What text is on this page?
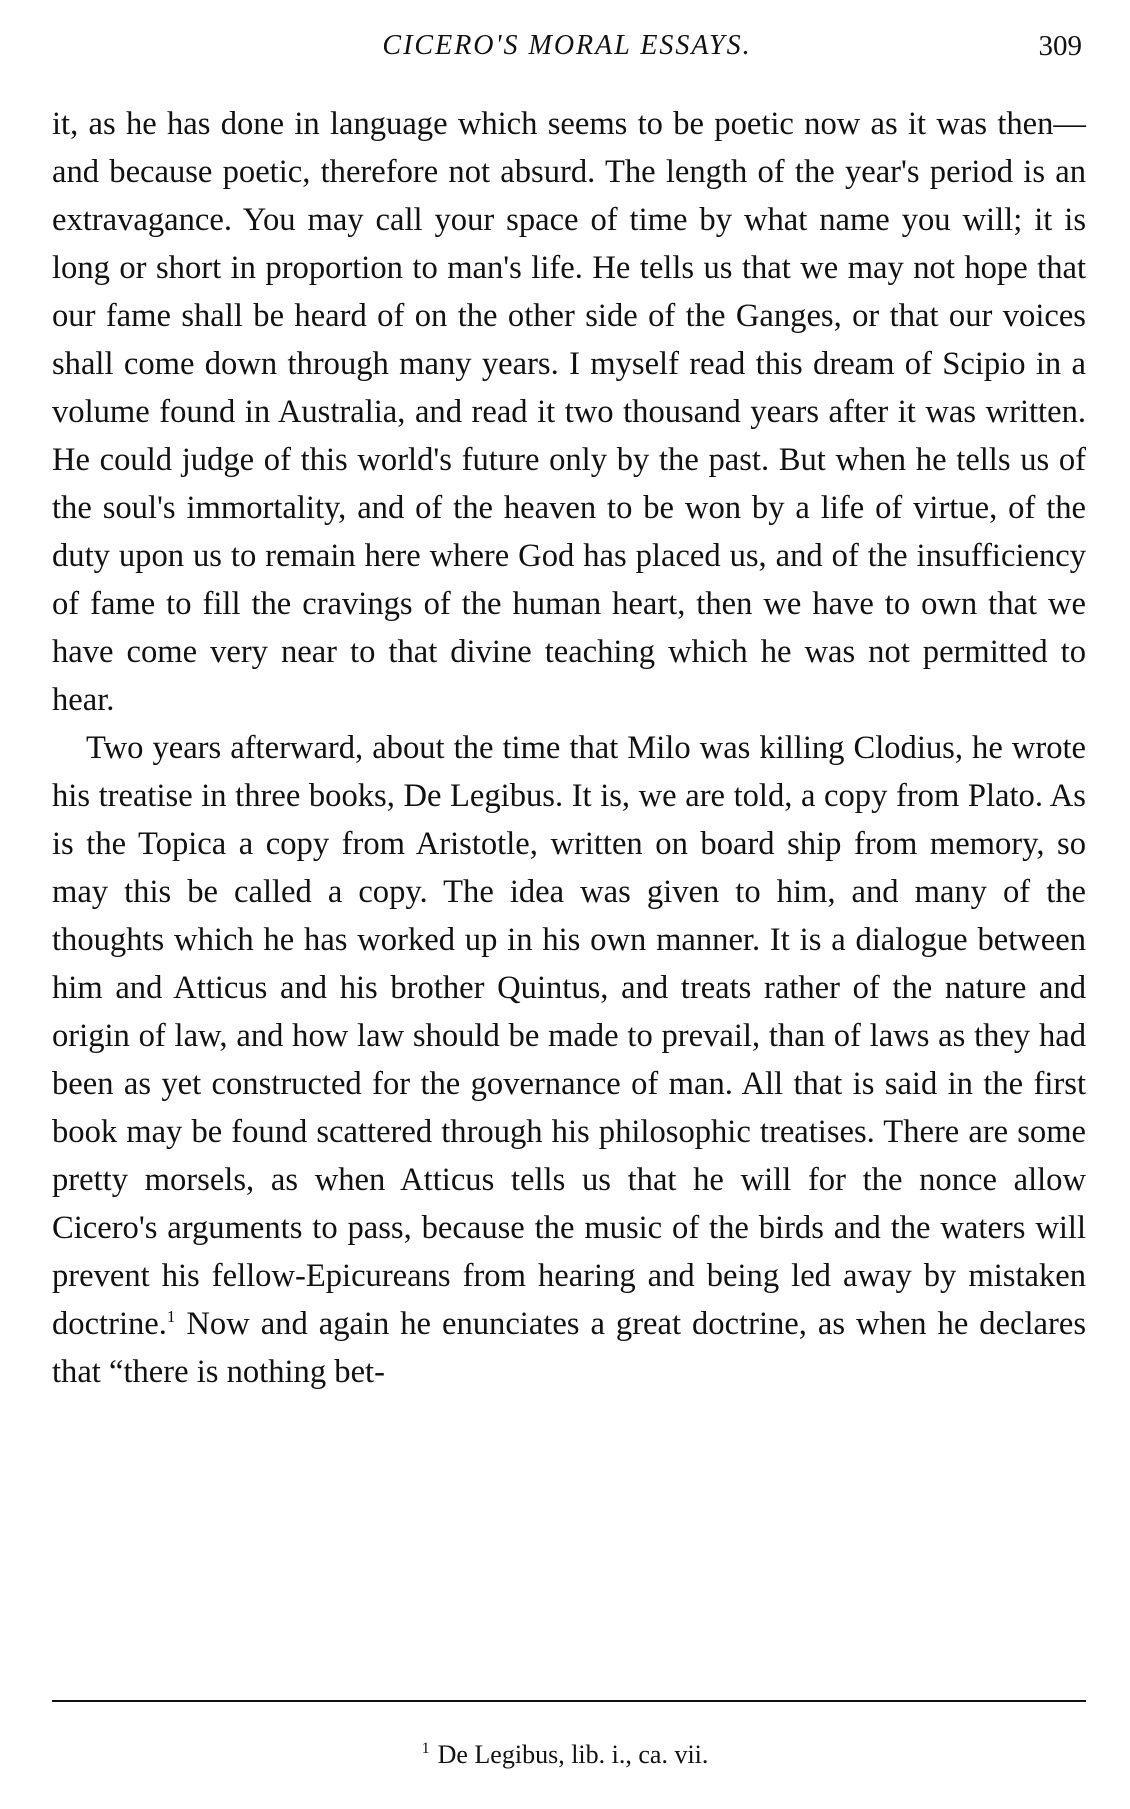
CICERO'S MORAL ESSAYS.	309

it, as he has done in language which seems to be poetic now as it was then—and because poetic, therefore not absurd. The length of the year's period is an extravagance. You may call your space of time by what name you will; it is long or short in proportion to man's life. He tells us that we may not hope that our fame shall be heard of on the other side of the Ganges, or that our voices shall come down through many years. I myself read this dream of Scipio in a volume found in Australia, and read it two thousand years after it was written. He could judge of this world's future only by the past. But when he tells us of the soul's immortality, and of the heaven to be won by a life of virtue, of the duty upon us to remain here where God has placed us, and of the insufficiency of fame to fill the cravings of the human heart, then we have to own that we have come very near to that divine teaching which he was not permitted to hear.

Two years afterward, about the time that Milo was killing Clodius, he wrote his treatise in three books, De Legibus. It is, we are told, a copy from Plato. As is the Topica a copy from Aristotle, written on board ship from memory, so may this be called a copy. The idea was given to him, and many of the thoughts which he has worked up in his own manner. It is a dialogue between him and Atticus and his brother Quintus, and treats rather of the nature and origin of law, and how law should be made to prevail, than of laws as they had been as yet constructed for the governance of man. All that is said in the first book may be found scattered through his philosophic treatises. There are some pretty morsels, as when Atticus tells us that he will for the nonce allow Cicero's arguments to pass, because the music of the birds and the waters will prevent his fellow-Epicureans from hearing and being led away by mistaken doctrine.$^1$ Now and again he enunciates a great doctrine, as when he declares that “there is nothing bet-

$^1$ De Legibus, lib. i., ca. vii.
